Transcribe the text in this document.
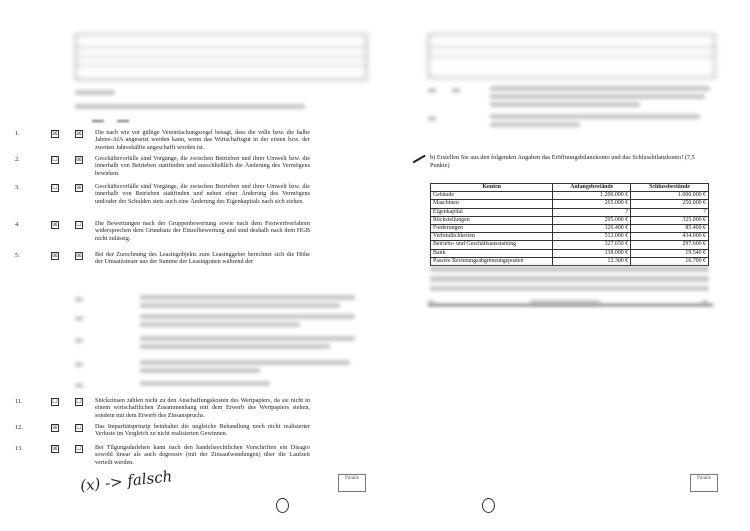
▬▬ ▬▬
1.	☒	☒ Die nach wie vor gültige Vereinfachungsregel besagt, dass die volle bzw. die halbe Jahres-AfA angesetzt werden kann, wenn das Wirtschaftsgut in der ersten bzw. der zweiten Jahreshälfte angeschafft worden ist.
2.	☐	☒ Geschäftsvorfälle sind Vorgänge, die zwischen Betrieben und ihrer Umwelt bzw. die innerhalb von Betrieben stattfinden und ausschließlich die Änderung des Vermögens bewirken.
3.	☐	☒ Geschäftsvorfälle sind Vorgänge, die zwischen Betrieben und ihrer Umwelt bzw. die innerhalb von Betrieben stattfinden und neben einer Änderung des Vermögens und/oder der Schulden stets auch eine Änderung des Eigenkapitals nach sich ziehen.
4.	☒	☐ Die Bewertungen nach der Gruppenbewertung sowie nach dem Festwertverfahren widersprechen dem Grundsatz der Einzelbewertung und sind deshalb nach dem HGB nicht zulässig.
5.	☒	☒ Bei der Zurechnung des Leasingobjekts zum Leasinggeber berechnet sich die Höhe der Umsatzsteuer aus der Summe der Leasingraten während der
11.	☐	☐ Stückzinsen zählen nicht zu den Anschaffungskosten des Wertpapiers, da sie nicht in einem wirtschaftlichen Zusammenhang mit dem Erwerb des Wertpapiers stehen, sondern mit dem Erwerb des Zinsanspruchs.
12.	☒	☐ Das Imparitätsprinzip beinhaltet die ungleiche Behandlung noch nicht realisierter Verluste im Vergleich zu nicht realisierten Gewinnen.
13.	☒	☐ Bei Tilgungsdarlehen kann nach den handelsrechtlichen Vorschriften ein Disagio sowohl linear als auch degressiv (mit der Zinsaufwendungen) über die Laufzeit verteilt werden.
(x) -> falsch	Punkte
b) Erstellen Sie aus den folgenden Angaben das Eröffnungsbilanzkonto und das Schlussbilanzkonto! (7,5 Punkte)
Konten	Anfangsbestände	Schlussbestände
Gebäude	1.200.000 €	1.000.000 €
Maschinen	265.000 €	250.000 €
Eigenkapital	?	?
Rückstellungen	295.000 €	325.000 €
Forderungen	126.400 €	85.400 €
Verbindlichkeiten	512.000 €	434.000 €
Betriebs- und Geschäftsausstattung	327.650 €	297.600 €
Bank	138.000 €	19.540 €
Passive Rechnungsabgrenzungsposten	12.300 €	16.700 €
Punkte
